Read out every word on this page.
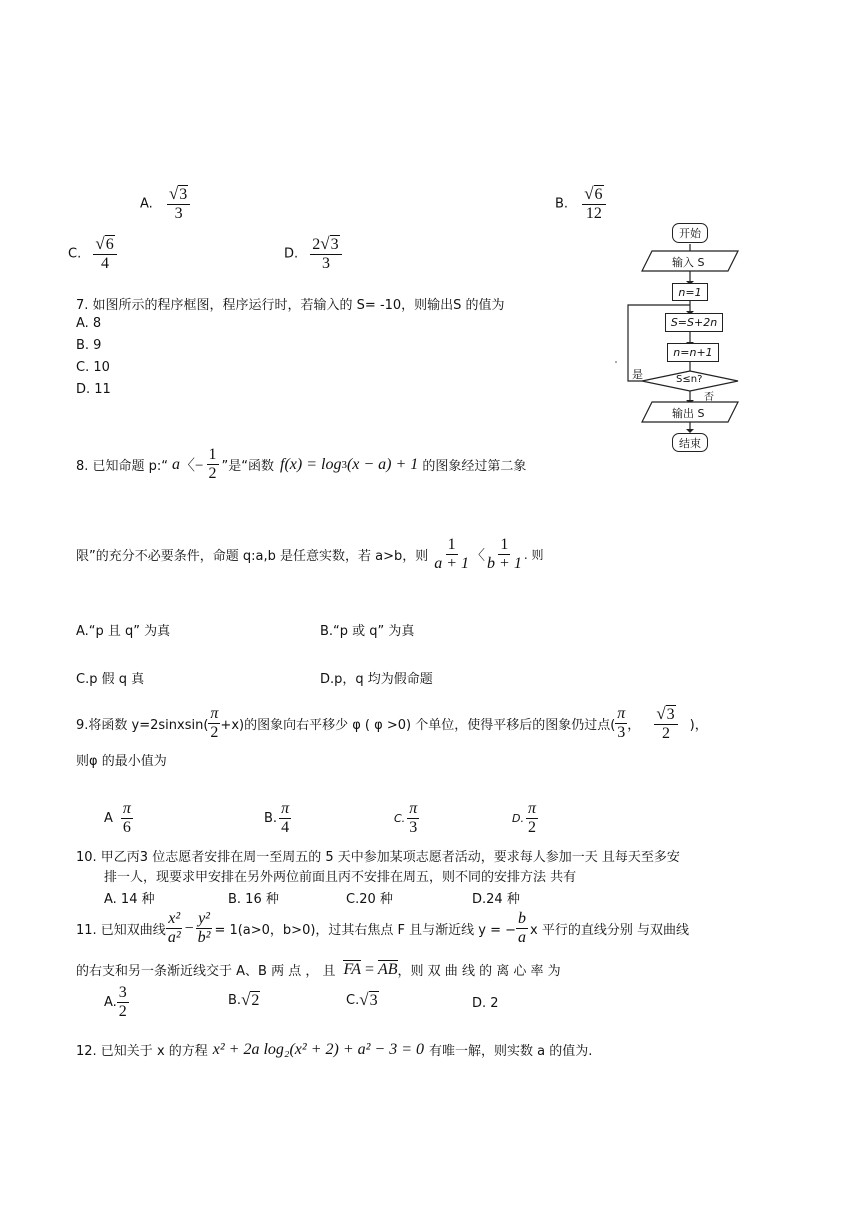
A. $\frac{√3}{3}$	B. $\frac{√6}{12}$
C. $\frac{√6}{4}$	D. $\frac{2√3}{3}$
7. 如图所示的程序框图，程序运行时，若输入的 S= -10，则输出S 的值为
A. 8
B. 9
C. 10
D. 11
开始
输入 S
n=1
S=S+2n
n=n+1
S≤n?
是
否
输出 S
结束
8. 已知命题 p:“ a 〈− $\frac{1}{2}$ ”是“函数 f(x) = log 3 (x − a) + 1 的图象经过第二象
限”的充分不必要条件，命题 q:a,b 是任意实数，若 a>b，则 $\frac{1}{a + 1}$ 〈 $\frac{1}{b + 1}$ . 则
A.“p 且 q” 为真	B.“p 或 q” 为真
C.p 假 q 真	D.p，q 均为假命题
9.将函数 y=2sinxsin( $\frac{\pi}{2} +x$)的图象向右平移少 φ ( φ >0) 个单位，使得平移后的图象仍过点( $\frac{\pi}{3}$ ， $\frac{√3}{2}$ )，
则φ 的最小值为
A $\frac{\pi}{6}$	B. $\frac{\pi}{4}$	C. $\frac{\pi}{3}$	D. $\frac{\pi}{2}$
10. 甲乙丙3 位志愿者安排在周一至周五的 5 天中参加某项志愿者活动，要求每人参加一天 且每天至多安
排一人，现要求甲安排在另外两位前面且丙不安排在周五，则不同的安排方法 共有
A. 14 种	B. 16 种	C.20 种	D.24 种
11. 已知双曲线 $\frac{\text{x²}}{\text{a²}} - \frac{\text{y²}}{\text{b²}} = 1(a>0$，b>0)，过其右焦点 F 且与渐近线 y = − $\frac{b}{a}$ x 平行的直线分别 与双曲线
的右支和另一条渐近线交于 A、B 两 点 ， 且 FA = AB ，则 双 曲 线 的 离 心 率 为
A. $\frac{3}{2}$	B. √2	C. √3	D. 2
12. 已知关于 x 的方程 x² + 2a log₂(x² + 2) + a² − 3 = 0 有唯一解，则实数 a 的值为.
